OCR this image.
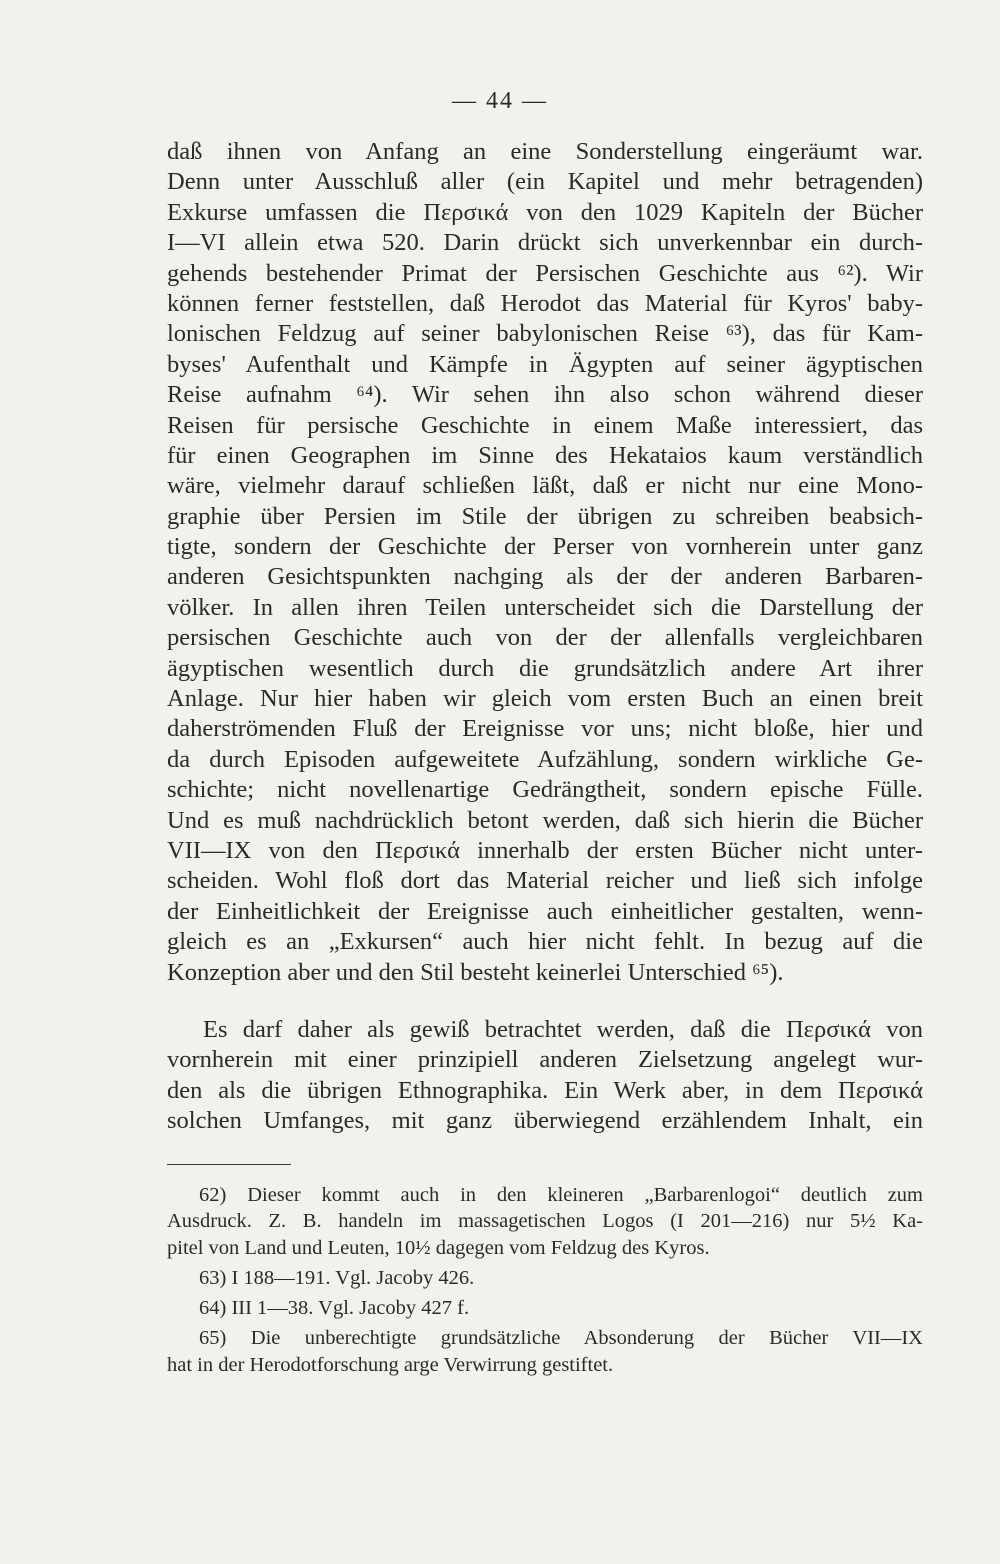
— 44 —
daß ihnen von Anfang an eine Sonderstellung eingeräumt war.
Denn unter Ausschluß aller (ein Kapitel und mehr betragenden)
Exkurse umfassen die Περσικά von den 1029 Kapiteln der Bücher
I—VI allein etwa 520. Darin drückt sich unverkennbar ein durch-
gehends bestehender Primat der Persischen Geschichte aus ⁶²). Wir
können ferner feststellen, daß Herodot das Material für Kyros' baby-
lonischen Feldzug auf seiner babylonischen Reise ⁶³), das für Kam-
byses' Aufenthalt und Kämpfe in Ägypten auf seiner ägyptischen
Reise aufnahm ⁶⁴). Wir sehen ihn also schon während dieser
Reisen für persische Geschichte in einem Maße interessiert, das
für einen Geographen im Sinne des Hekataios kaum verständlich
wäre, vielmehr darauf schließen läßt, daß er nicht nur eine Mono-
graphie über Persien im Stile der übrigen zu schreiben beabsich-
tigte, sondern der Geschichte der Perser von vornherein unter ganz
anderen Gesichtspunkten nachging als der der anderen Barbaren-
völker. In allen ihren Teilen unterscheidet sich die Darstellung der
persischen Geschichte auch von der der allenfalls vergleichbaren
ägyptischen wesentlich durch die grundsätzlich andere Art ihrer
Anlage. Nur hier haben wir gleich vom ersten Buch an einen breit
daherströmenden Fluß der Ereignisse vor uns; nicht bloße, hier und
da durch Episoden aufgeweitete Aufzählung, sondern wirkliche Ge-
schichte; nicht novellenartige Gedrängtheit, sondern epische Fülle.
Und es muß nachdrücklich betont werden, daß sich hierin die Bücher
VII—IX von den Περσικά innerhalb der ersten Bücher nicht unter-
scheiden. Wohl floß dort das Material reicher und ließ sich infolge
der Einheitlichkeit der Ereignisse auch einheitlicher gestalten, wenn-
gleich es an „Exkursen“ auch hier nicht fehlt. In bezug auf die
Konzeption aber und den Stil besteht keinerlei Unterschied ⁶⁵).
Es darf daher als gewiß betrachtet werden, daß die Περσικά von
vornherein mit einer prinzipiell anderen Zielsetzung angelegt wur-
den als die übrigen Ethnographika. Ein Werk aber, in dem Περσικά
solchen Umfanges, mit ganz überwiegend erzählendem Inhalt, ein
62) Dieser kommt auch in den kleineren „Barbarenlogoi“ deutlich zum
Ausdruck. Z. B. handeln im massagetischen Logos (I 201—216) nur 5½ Ka-
pitel von Land und Leuten, 10½ dagegen vom Feldzug des Kyros.
63) I 188—191. Vgl. Jacoby 426.
64) III 1—38. Vgl. Jacoby 427 f.
65) Die unberechtigte grundsätzliche Absonderung der Bücher VII—IX
hat in der Herodotforschung arge Verwirrung gestiftet.
